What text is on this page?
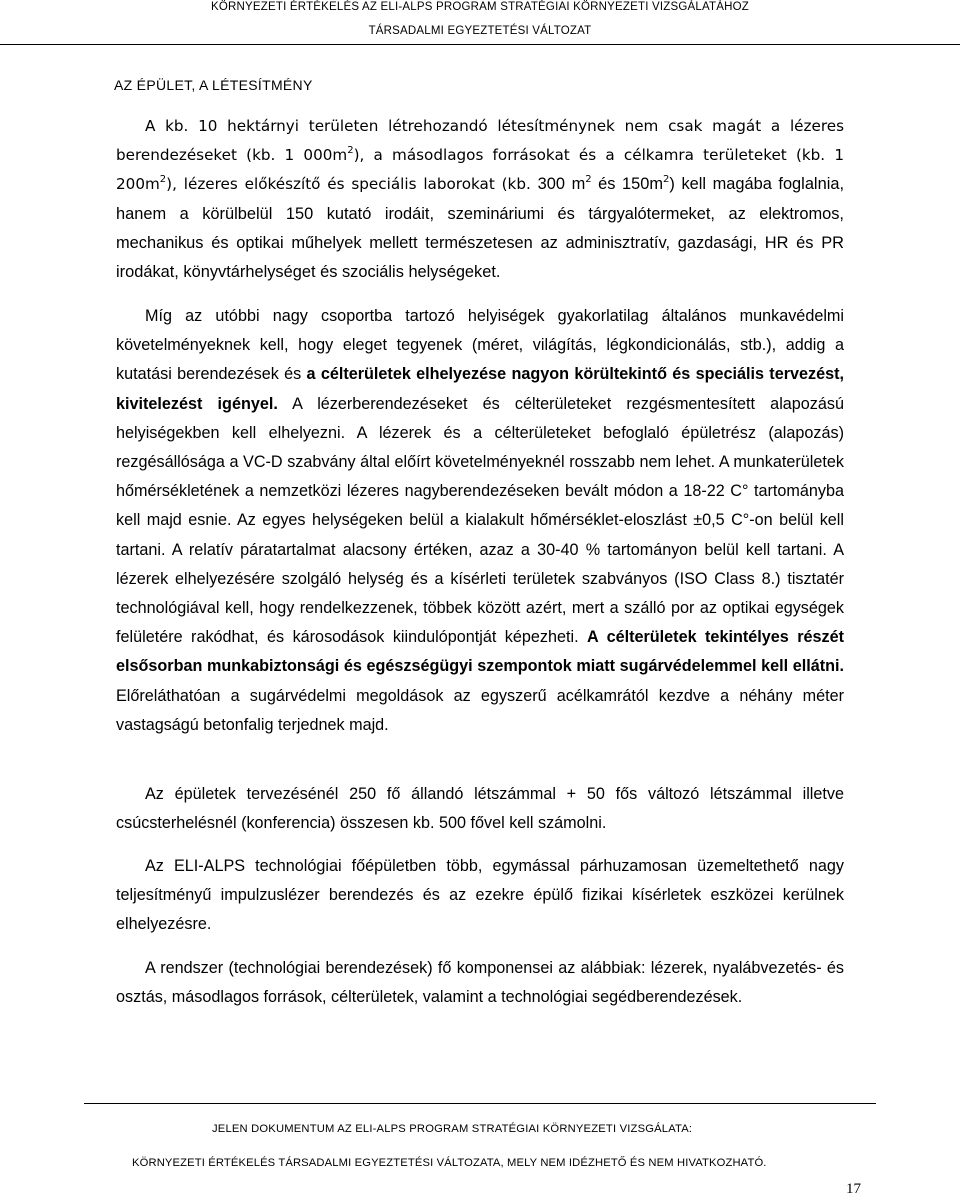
KÖRNYEZETI ÉRTÉKELÉS AZ ELI-ALPS PROGRAM STRATÉGIAI KÖRNYEZETI VIZSGÁLATÁHOZ
TÁRSADALMI EGYEZTETÉSI VÁLTOZAT
AZ ÉPÜLET, A LÉTESÍTMÉNY

A kb. 10 hektárnyi területen létrehozandó létesítménynek nem csak magát a lézeres berendezéseket (kb. 1 $000m^2$), a másodlagos forrásokat és a célkamra területeket (kb. 1 $200m^2$), lézeres előkészítő és speciális laborokat (kb. 300 $m^2$ és $150m^2$) kell magába foglalnia, hanem a körülbelül 150 kutató irodáit, szemináriumi és tárgyalótermeket, az elektromos, mechanikus és optikai műhelyek mellett természetesen az adminisztratív, gazdasági, HR és PR irodákat, könyvtárhelységet és szociális helységeket.

Míg az utóbbi nagy csoportba tartozó helyiségek gyakorlatilag általános munkavédelmi követelményeknek kell, hogy eleget tegyenek (méret, világítás, légkondicionálás, stb.), addig a kutatási berendezések és a célterületek elhelyezése nagyon körültekintő és speciális tervezést, kivitelezést igényel. A lézerberendezéseket és célterületeket rezgésmentesített alapozású helyiségekben kell elhelyezni. A lézerek és a célterületeket befoglaló épületrész (alapozás) rezgésállósága a VC-D szabvány által előírt követelményeknél rosszabb nem lehet. A munkaterületek hőmérsékletének a nemzetközi lézeres nagyberendezéseken bevált módon a 18-22 C° tartományba kell majd esnie. Az egyes helységeken belül a kialakult hőmérséklet-eloszlást ±0,5 C°-on belül kell tartani. A relatív páratartalmat alacsony értéken, azaz a 30-40 % tartományon belül kell tartani. A lézerek elhelyezésére szolgáló helység és a kísérleti területek szabványos (ISO Class 8.) tisztatér technológiával kell, hogy rendelkezzenek, többek között azért, mert a szálló por az optikai egységek felületére rakódhat, és károsodások kiindulópontját képezheti. A célterületek tekintélyes részét elsősorban munkabiztonsági és egészségügyi szempontok miatt sugárvédelemmel kell ellátni. Előreláthatóan a sugárvédelmi megoldások az egyszerű acélkamrától kezdve a néhány méter vastagságú betonfalig terjednek majd.

Az épületek tervezésénél 250 fő állandó létszámmal + 50 fős változó létszámmal illetve csúcsterhelésnél (konferencia) összesen kb. 500 fővel kell számolni.

Az ELI-ALPS technológiai főépületben több, egymással párhuzamosan üzemeltethető nagy teljesítményű impulzuslézer berendezés és az ezekre épülő fizikai kísérletek eszközei kerülnek elhelyezésre.

A rendszer (technológiai berendezések) fő komponensei az alábbiak: lézerek, nyalábvezetés- és osztás, másodlagos források, célterületek, valamint a technológiai segédberendezések.

JELEN DOKUMENTUM AZ ELI-ALPS PROGRAM STRATÉGIAI KÖRNYEZETI VIZSGÁLATA:
KÖRNYEZETI ÉRTÉKELÉS TÁRSADALMI EGYEZTETÉSI VÁLTOZATA, MELY NEM IDÉZHETŐ ÉS NEM HIVATKOZHATÓ.
17
